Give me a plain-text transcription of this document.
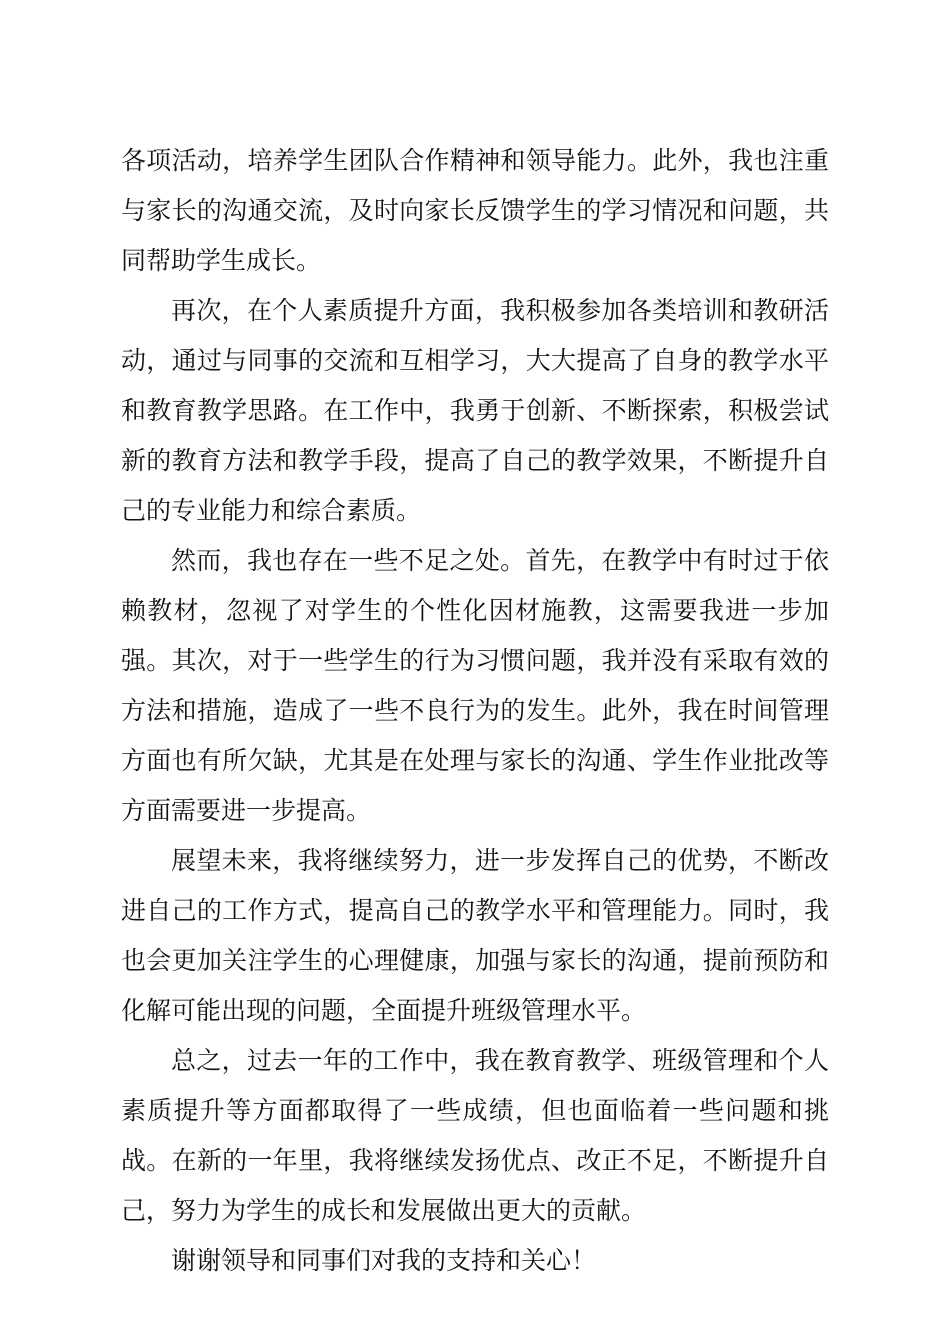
各项活动，培养学生团队合作精神和领导能力。此外，我也注重与家长的沟通交流，及时向家长反馈学生的学习情况和问题，共同帮助学生成长。

再次，在个人素质提升方面，我积极参加各类培训和教研活动，通过与同事的交流和互相学习，大大提高了自身的教学水平和教育教学思路。在工作中，我勇于创新、不断探索，积极尝试新的教育方法和教学手段，提高了自己的教学效果，不断提升自己的专业能力和综合素质。

然而，我也存在一些不足之处。首先，在教学中有时过于依赖教材，忽视了对学生的个性化因材施教，这需要我进一步加强。其次，对于一些学生的行为习惯问题，我并没有采取有效的方法和措施，造成了一些不良行为的发生。此外，我在时间管理方面也有所欠缺，尤其是在处理与家长的沟通、学生作业批改等方面需要进一步提高。

展望未来，我将继续努力，进一步发挥自己的优势，不断改进自己的工作方式，提高自己的教学水平和管理能力。同时，我也会更加关注学生的心理健康，加强与家长的沟通，提前预防和化解可能出现的问题，全面提升班级管理水平。

总之，过去一年的工作中，我在教育教学、班级管理和个人素质提升等方面都取得了一些成绩，但也面临着一些问题和挑战。在新的一年里，我将继续发扬优点、改正不足，不断提升自己，努力为学生的成长和发展做出更大的贡献。

谢谢领导和同事们对我的支持和关心！
